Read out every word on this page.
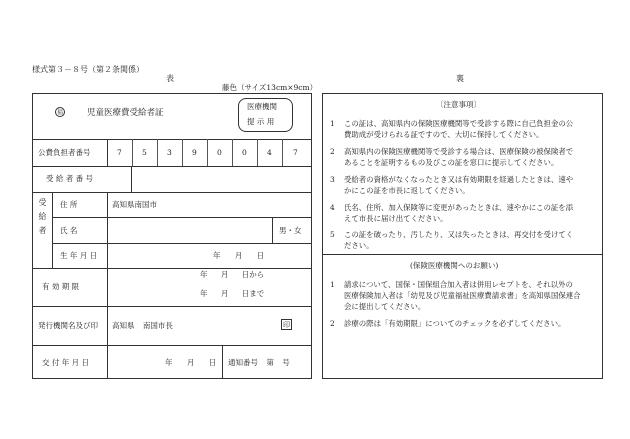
様式第３－８号（第２条関係）
表
藤色（サイズ13cm×9cm）
福	児童医療費受給者証
医療機関
提 示 用
公費負担者番号	7	5	3	9	0	0	4	7
受 給 者 番 号
受給者 住 所	高知県南国市
氏 名	男・女
生 年 月 日	年 月 日
有 効 期 限
年 月 日から
年 月 日まで
発行機関名及び印 高知県 南国市長	印
交 付 年 月 日	年 月 日 通知番号 第 号
裏
〔注意事項〕
1 この証は、高知県内の保険医療機関等で受診する際に自己負担金の公
費助成が受けられる証ですので、大切に保持してください。
2 高知県内の保険医療機関等で受診する場合は、医療保険の被保険者で
あることを証明するもの及びこの証を窓口に提示してください。
3 受給者の資格がなくなったとき又は有効期限を経過したときは、速や
かにこの証を市長に返してください。
4 氏名、住所、加入保険等に変更があったときは、速やかにこの証を添
えて市長に届け出てください。
5 この証を破ったり、汚したり、又は失ったときは、再交付を受けてく
ださい。
(保険医療機関へのお願い)
1 請求について、国保・国保組合加入者は併用レセプトを、それ以外の
医療保険加入者は「幼児及び児童福祉医療費請求書」を高知県国保連合
会に提出してください。
2 診療の際は「有効期限」についてのチェックを必ずしてください。
